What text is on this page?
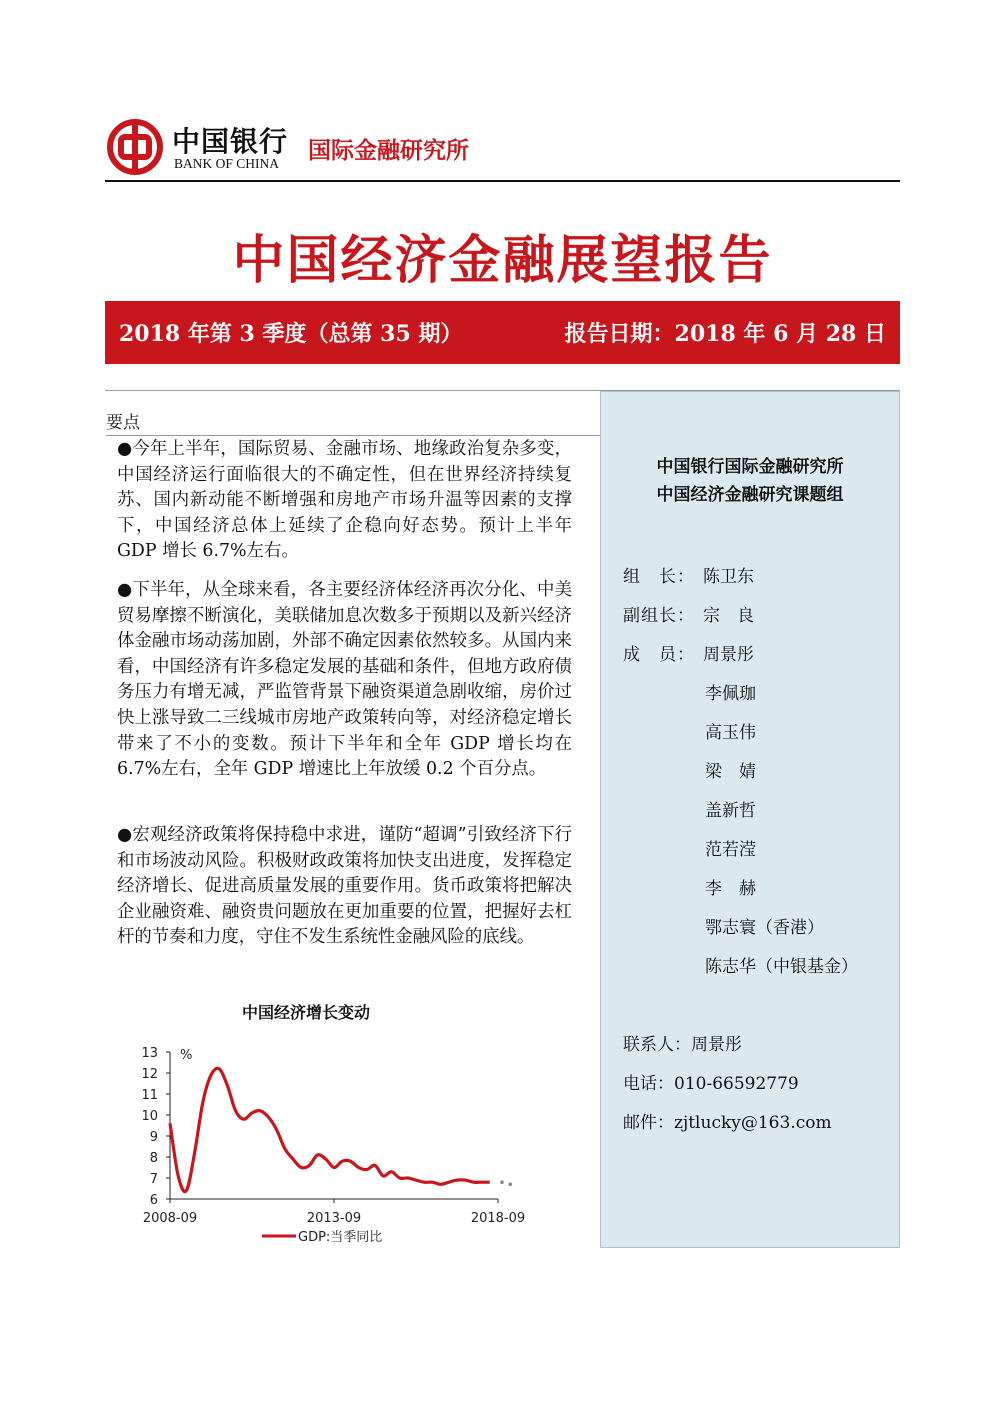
中国银行
BANK OF CHINA 国际金融研究所
中国经济金融展望报告
2018 年第 3 季度（总第 35 期）	报告日期：2018 年 6 月 28 日
要点
●今年上半年，国际贸易、金融市场、地缘政治复杂多变，中国经济运行面临很大的不确定性，但在世界经济持续复苏、国内新动能不断增强和房地产市场升温等因素的支撑下，中国经济总体上延续了企稳向好态势。预计上半年 GDP 增长 6.7%左右。
●下半年，从全球来看，各主要经济体经济再次分化、中美贸易摩擦不断演化，美联储加息次数多于预期以及新兴经济体金融市场动荡加剧，外部不确定因素依然较多。从国内来看，中国经济有许多稳定发展的基础和条件，但地方政府债务压力有增无减，严监管背景下融资渠道急剧收缩，房价过快上涨导致二三线城市房地产政策转向等，对经济稳定增长带来了不小的变数。预计下半年和全年 GDP 增长均在 6.7%左右，全年 GDP 增速比上年放缓 0.2 个百分点。
●宏观经济政策将保持稳中求进，谨防“超调”引致经济下行和市场波动风险。积极财政政策将加快支出进度，发挥稳定经济增长、促进高质量发展的重要作用。货币政策将把解决企业融资难、融资贵问题放在更加重要的位置，把握好去杠杆的节奏和力度，守住不发生系统性金融风险的底线。
中国经济增长变动
%
13
12
11
10
9
8
7
6
2008-09	2013-09	2018-09
GDP:当季同比
中国银行国际金融研究所
中国经济金融研究课题组
组　长： 陈卫东
副组长： 宗　良
成　员： 周景彤
李佩珈
高玉伟
梁　婧
盖新哲
范若滢
李　赫
鄂志寰（香港）
陈志华（中银基金）
联系人：周景彤
电话：010-66592779
邮件：zjtlucky@163.com
